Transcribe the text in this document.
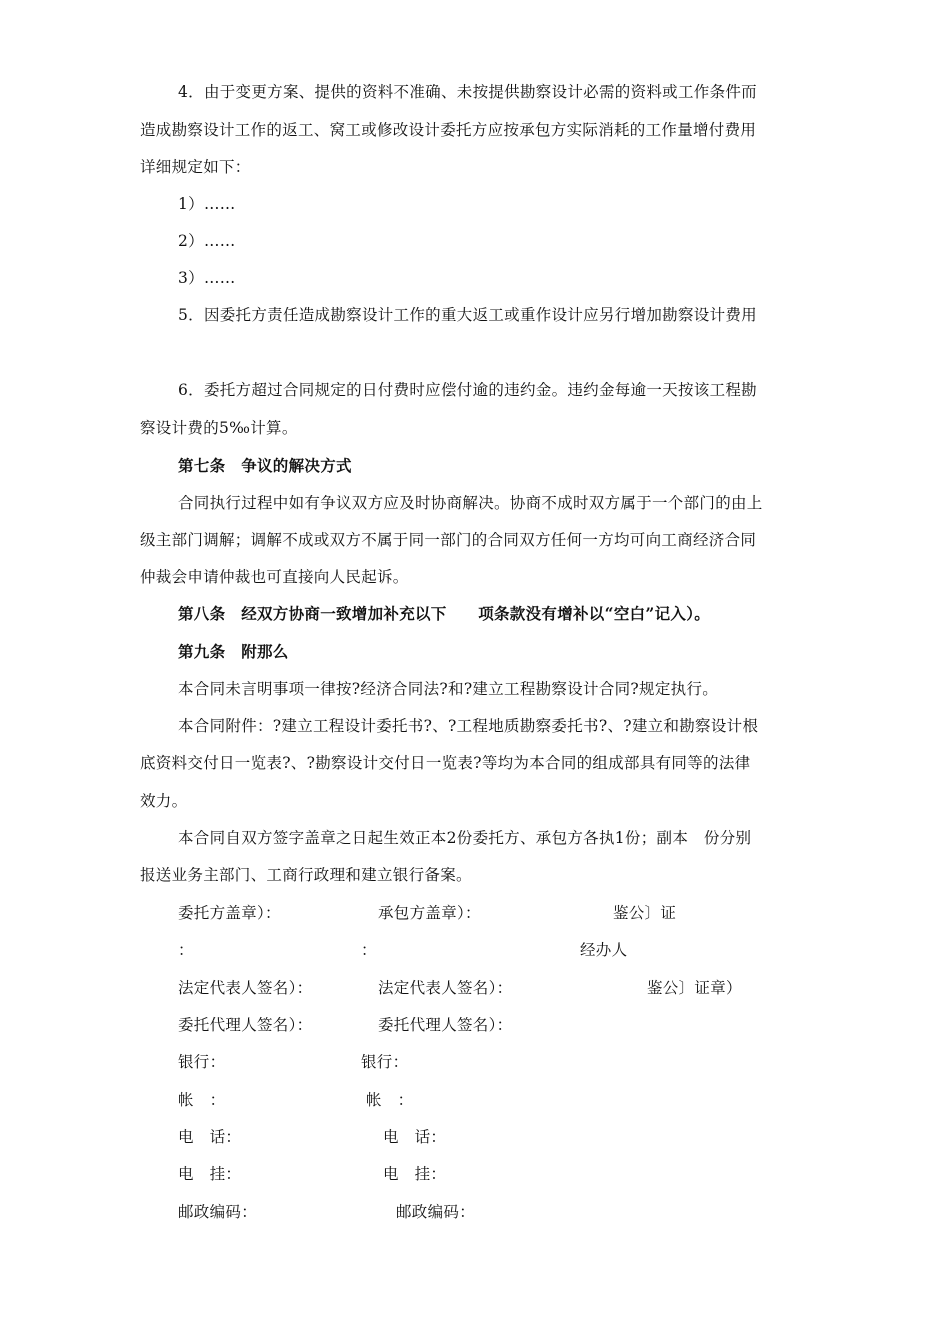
4．由于变更方案、提供的资料不准确、未按提供勘察设计必需的资料或工作条件而
造成勘察设计工作的返工、窝工或修改设计委托方应按承包方实际消耗的工作量增付费用
详细规定如下：
1）……
2）……
3）……
5．因委托方责任造成勘察设计工作的重大返工或重作设计应另行增加勘察设计费用
6．委托方超过合同规定的日付费时应偿付逾的违约金。违约金每逾一天按该工程勘
察设计费的5‰计算。
第七条　争议的解决方式
合同执行过程中如有争议双方应及时协商解决。协商不成时双方属于一个部门的由上
级主部门调解；调解不成或双方不属于同一部门的合同双方任何一方均可向工商经济合同
仲裁会申请仲裁也可直接向人民起诉。
第八条　经双方协商一致增加补充以下　　项条款没有增补以“空白”记入）。
第九条　附那么
本合同未言明事项一律按?经济合同法?和?建立工程勘察设计合同?规定执行。
本合同附件：?建立工程设计委托书?、?工程地质勘察委托书?、?建立和勘察设计根
底资料交付日一览表?、?勘察设计交付日一览表?等均为本合同的组成部具有同等的法律
效力。
本合同自双方签字盖章之日起生效正本2份委托方、承包方各执1份；副本　份分别
报送业务主部门、工商行政理和建立银行备案。
委托方盖章）：	承包方盖章）：	鉴公〕证
：	：	经办人
法定代表人签名）：	法定代表人签名）：	鉴公〕证章）
委托代理人签名）：	委托代理人签名）：
银行：	银行：
帐　：	帐　：
电　话：	电　话：
电　挂：	电　挂：
邮政编码：	邮政编码：
